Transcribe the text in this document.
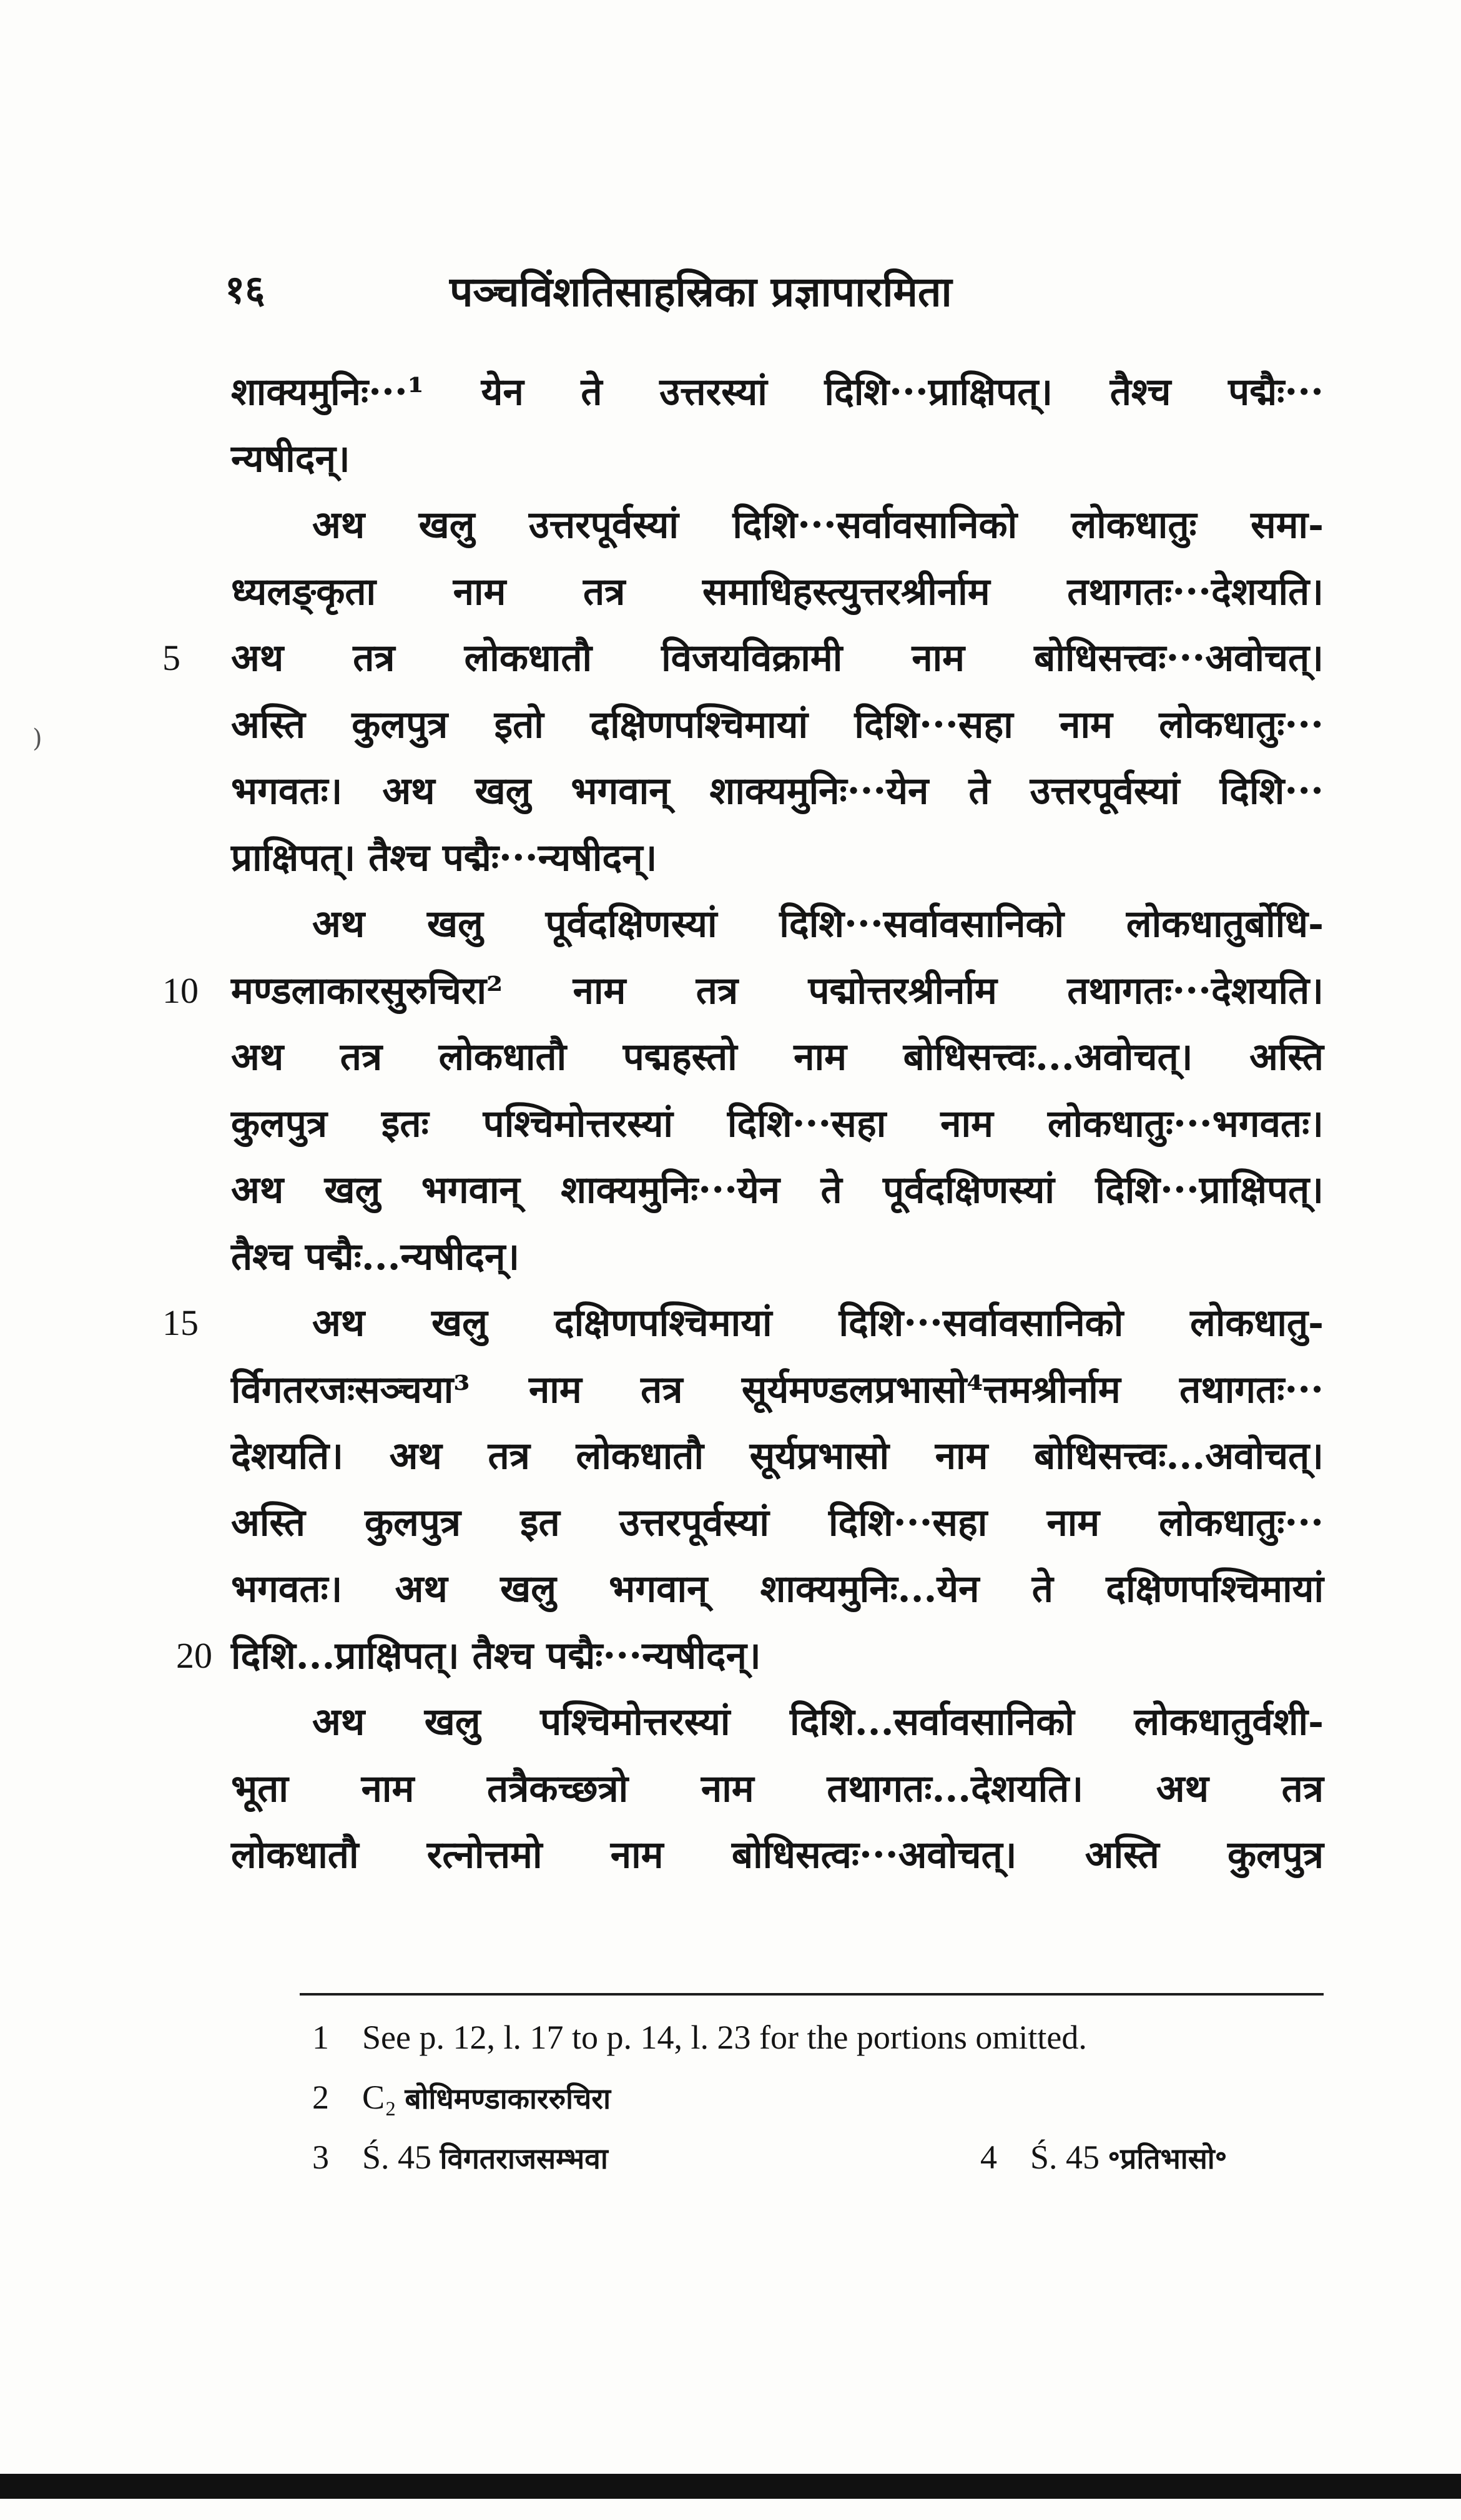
)
१६	पञ्चविंशतिसाहस्रिका प्रज्ञापारमिता
शाक्यमुनिः···¹ येन ते उत्तरस्यां दिशि···प्राक्षिपत्। तैश्च पद्मैः···
न्यषीदन्।
अथ खलु उत्तरपूर्वस्यां दिशि···सर्वावसानिको लोकधातुः समा-
ध्यलङ्कृता नाम तत्र समाधिहस्त्युत्तरश्रीर्नाम तथागतः···देशयति।
5	अथ तत्र लोकधातौ विजयविक्रामी नाम बोधिसत्त्वः···अवोचत्।
अस्ति कुलपुत्र इतो दक्षिणपश्चिमायां दिशि···सहा नाम लोकधातुः···
भगवतः। अथ खलु भगवान् शाक्यमुनिः···येन ते उत्तरपूर्वस्यां दिशि···
प्राक्षिपत्। तैश्च पद्मैः···न्यषीदन्।
अथ खलु पूर्वदक्षिणस्यां दिशि···सर्वावसानिको लोकधातुर्बोधि-
10 मण्डलाकारसुरुचिरा² नाम तत्र पद्मोत्तरश्रीर्नाम तथागतः···देशयति।
अथ तत्र लोकधातौ पद्महस्तो नाम बोधिसत्त्वः...अवोचत्। अस्ति
कुलपुत्र इतः पश्चिमोत्तरस्यां दिशि···सहा नाम लोकधातुः···भगवतः।
अथ खलु भगवान् शाक्यमुनिः···येन ते पूर्वदक्षिणस्यां दिशि···प्राक्षिपत्।
तैश्च पद्मैः...न्यषीदन्।
15	अथ खलु दक्षिणपश्चिमायां दिशि···सर्वावसानिको लोकधातु-
र्विगतरजःसञ्चया³ नाम तत्र सूर्यमण्डलप्रभासो⁴त्तमश्रीर्नाम तथागतः···
देशयति। अथ तत्र लोकधातौ सूर्यप्रभासो नाम बोधिसत्त्वः...अवोचत्।
अस्ति कुलपुत्र इत उत्तरपूर्वस्यां दिशि···सहा नाम लोकधातुः···
भगवतः। अथ खलु भगवान् शाक्यमुनिः...येन ते दक्षिणपश्चिमायां
20 दिशि...प्राक्षिपत्। तैश्च पद्मैः···न्यषीदन्।
अथ खलु पश्चिमोत्तरस्यां दिशि...सर्वावसानिको लोकधातुर्वशी-
भूता नाम तत्रैकच्छत्रो नाम तथागतः...देशयति। अथ तत्र
लोकधातौ रत्नोत्तमो नाम बोधिसत्वः···अवोचत्। अस्ति कुलपुत्र
1 See p. 12, l. 17 to p. 14, l. 23 for the portions omitted.
2 C₂ बोधिमण्डाकाररुचिरा
3 Ś. 45 विगतराजसम्भवा	4 Ś. 45 ॰प्रतिभासो॰
